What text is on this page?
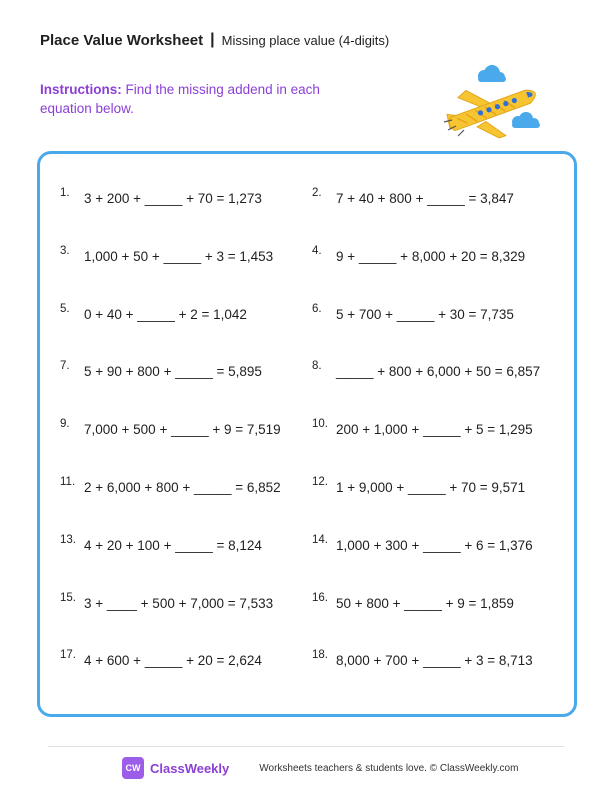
Place Value Worksheet | Missing place value (4-digits)
Instructions: Find the missing addend in each equation below.
1. 3 + 200 + _____ + 70 = 1,273	2. 7 + 40 + 800 + _____ = 3,847
3. 1,000 + 50 + _____ + 3 = 1,453	4. 9 + _____ + 8,000 + 20 = 8,329
5. 0 + 40 + _____ + 2 = 1,042	6. 5 + 700 + _____ + 30 = 7,735
7. 5 + 90 + 800 + _____ = 5,895	8. _____ + 800 + 6,000 + 50 = 6,857
9. 7,000 + 500 + _____ + 9 = 7,519	10. 200 + 1,000 + _____ + 5 = 1,295
11. 2 + 6,000 + 800 + _____ = 6,852	12. 1 + 9,000 + _____ + 70 = 9,571
13. 4 + 20 + 100 + _____ = 8,124	14. 1,000 + 300 + _____ + 6 = 1,376
15. 3 + ____ + 500 + 7,000 = 7,533	16. 50 + 800 + _____ + 9 = 1,859
17. 4 + 600 + _____ + 20 = 2,624	18. 8,000 + 700 + _____ + 3 = 8,713
CW ClassWeekly	Worksheets teachers & students love. © ClassWeekly.com
